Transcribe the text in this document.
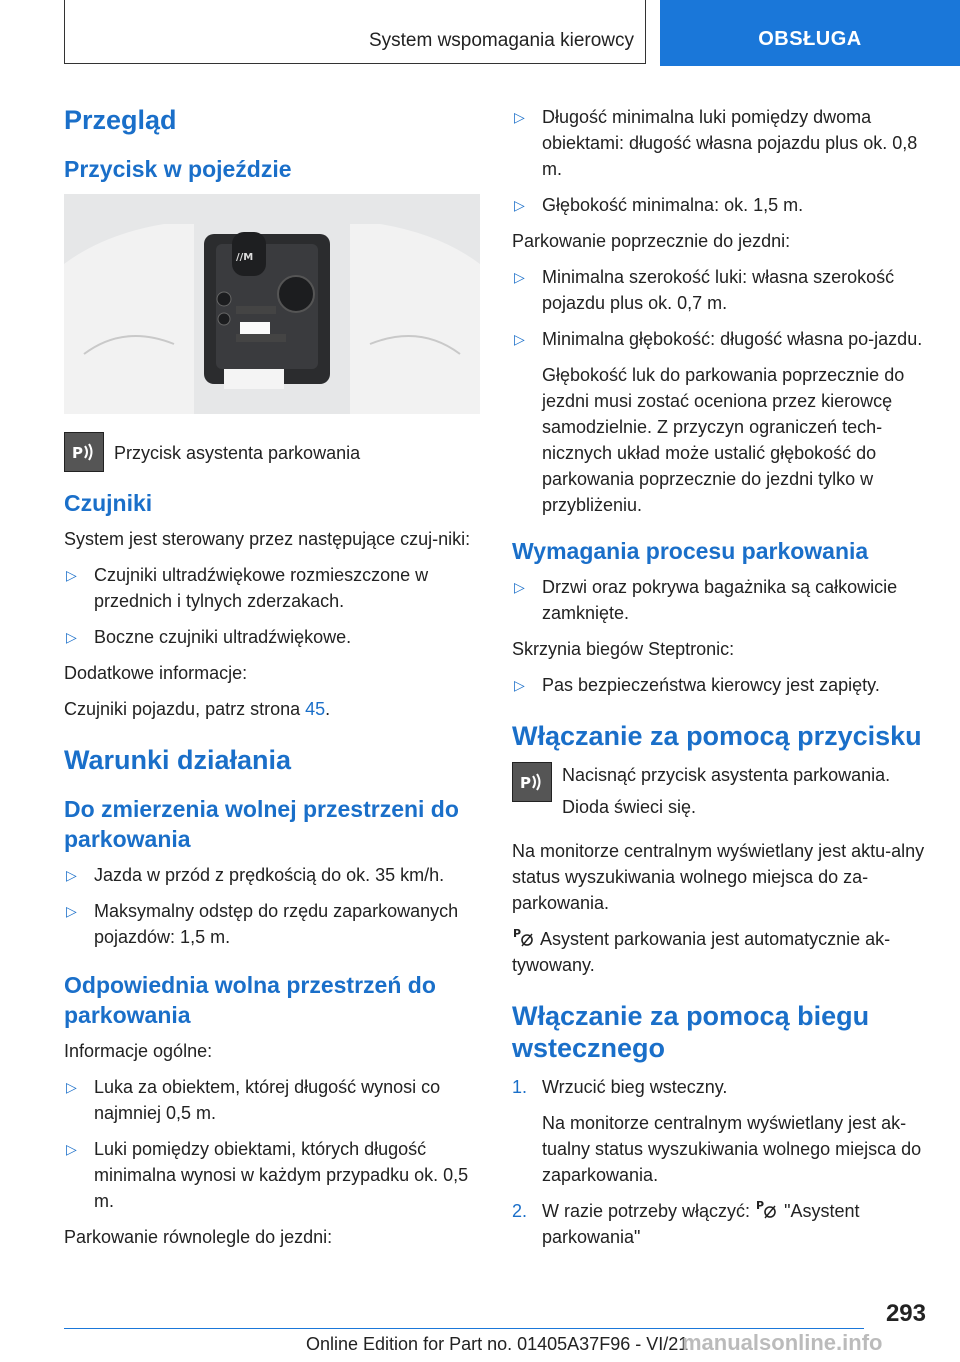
System wspomagania kierowcy	OBSŁUGA
Przegląd
Przycisk w pojeździe
//M
P Przycisk asystenta parkowania
Czujniki
System jest sterowany przez następujące czuj-niki:
▷ Czujniki ultradźwiękowe rozmieszczone w przednich i tylnych zderzakach.
▷ Boczne czujniki ultradźwiękowe.
Dodatkowe informacje:
Czujniki pojazdu, patrz strona 45.
Warunki działania
Do zmierzenia wolnej przestrzeni do parkowania
▷ Jazda w przód z prędkością do ok. 35 km/h.
▷ Maksymalny odstęp do rzędu zaparkowanych pojazdów: 1,5 m.
Odpowiednia wolna przestrzeń do parkowania
Informacje ogólne:
▷ Luka za obiektem, której długość wynosi co najmniej 0,5 m.
▷ Luki pomiędzy obiektami, których długość minimalna wynosi w każdym przypadku ok. 0,5 m.
Parkowanie równolegle do jezdni:
▷ Długość minimalna luki pomiędzy dwoma obiektami: długość własna pojazdu plus ok. 0,8 m.
▷ Głębokość minimalna: ok. 1,5 m.
Parkowanie poprzecznie do jezdni:
▷ Minimalna szerokość luki: własna szerokość pojazdu plus ok. 0,7 m.
▷ Minimalna głębokość: długość własna po-jazdu.
Głębokość luk do parkowania poprzecznie do jezdni musi zostać oceniona przez kierowcę samodzielnie. Z przyczyn ograniczeń tech-nicznych układ może ustalić głębokość do parkowania poprzecznie do jezdni tylko w przybliżeniu.
Wymagania procesu parkowania
▷ Drzwi oraz pokrywa bagażnika są całkowicie zamknięte.
Skrzynia biegów Steptronic:
▷ Pas bezpieczeństwa kierowcy jest zapięty.
Włączanie za pomocą przycisku
P Nacisnąć przycisk asystenta parkowania.
Dioda świeci się.
Na monitorze centralnym wyświetlany jest aktu-alny status wyszukiwania wolnego miejsca do za-parkowania.
P Asystent parkowania jest automatycznie ak-tywowany.
Włączanie za pomocą biegu wstecznego
1. Wrzucić bieg wsteczny.
Na monitorze centralnym wyświetlany jest ak-tualny status wyszukiwania wolnego miejsca do zaparkowania.
2. W razie potrzeby włączyć: P "Asystent parkowania"
293
Online Edition for Part no. 01405A37F96 - VI/21
manualsonline.info
